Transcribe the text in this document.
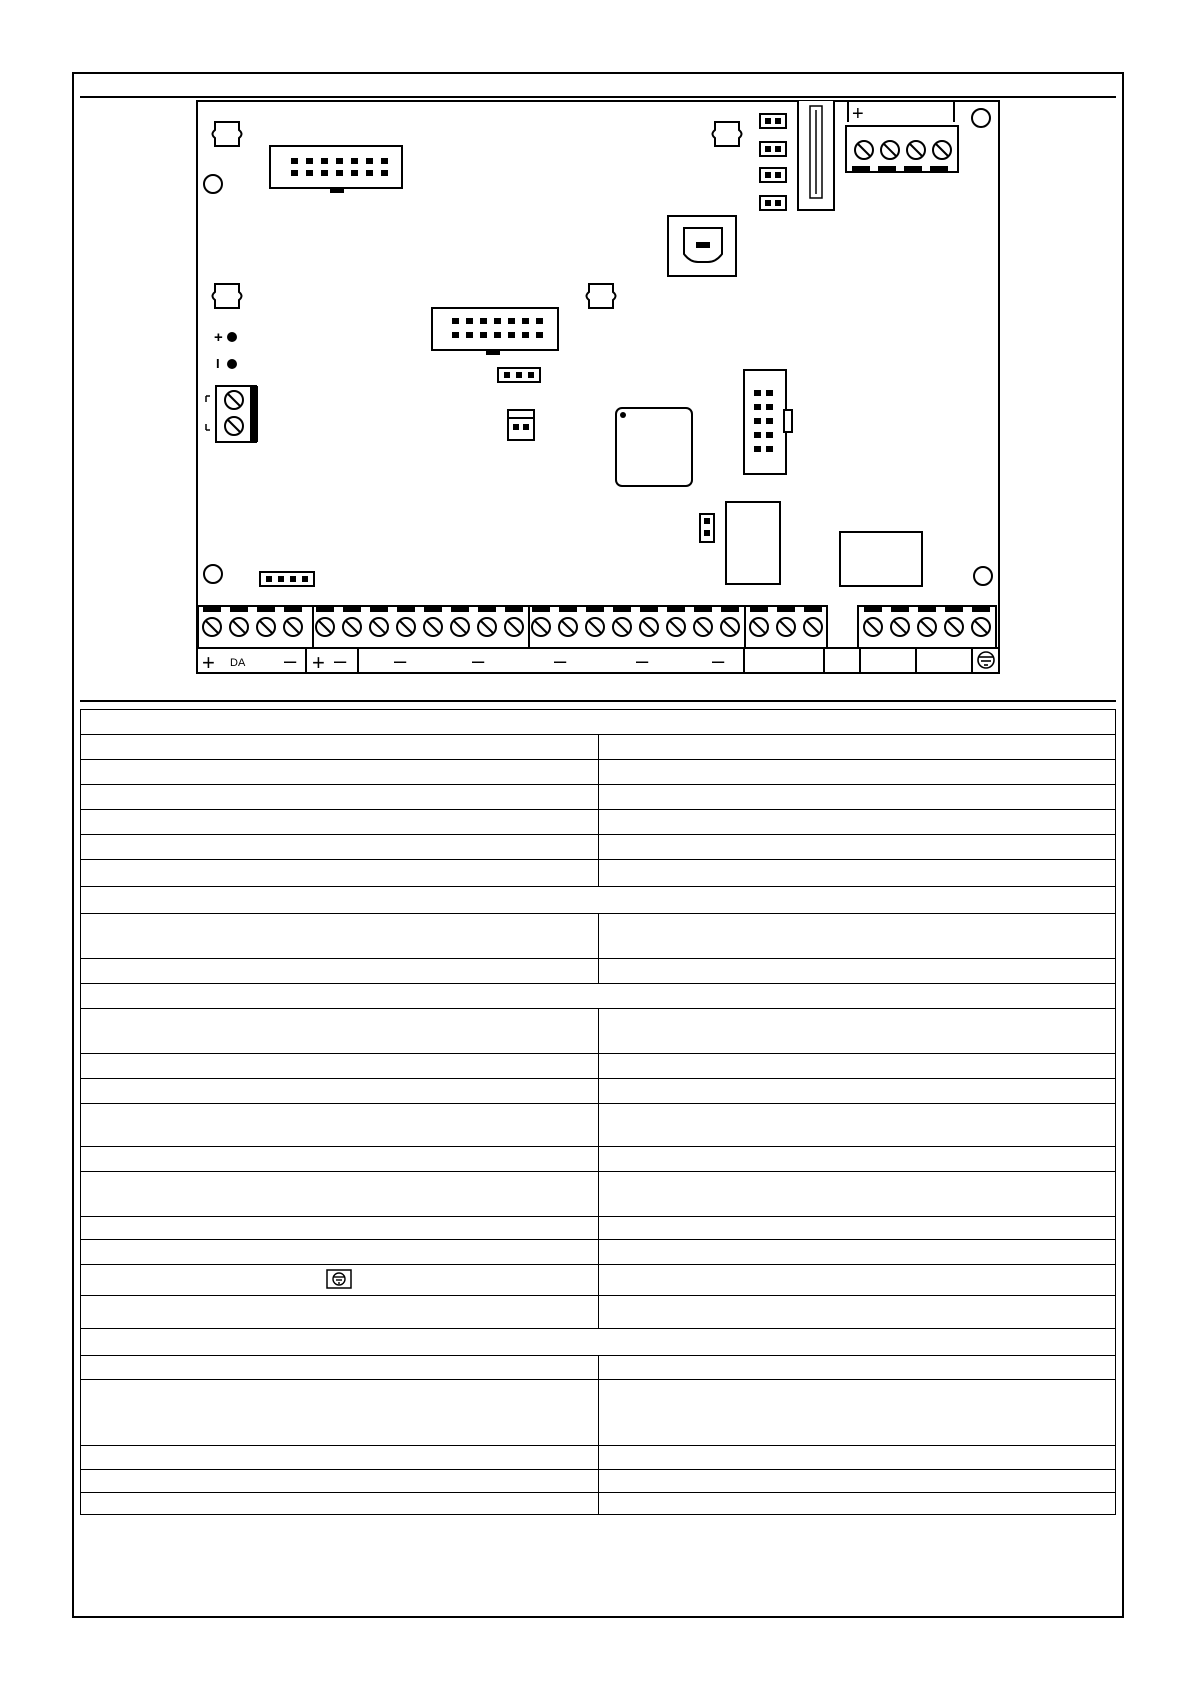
+
I
+
+	– + – –	–	–	–	–
DA
